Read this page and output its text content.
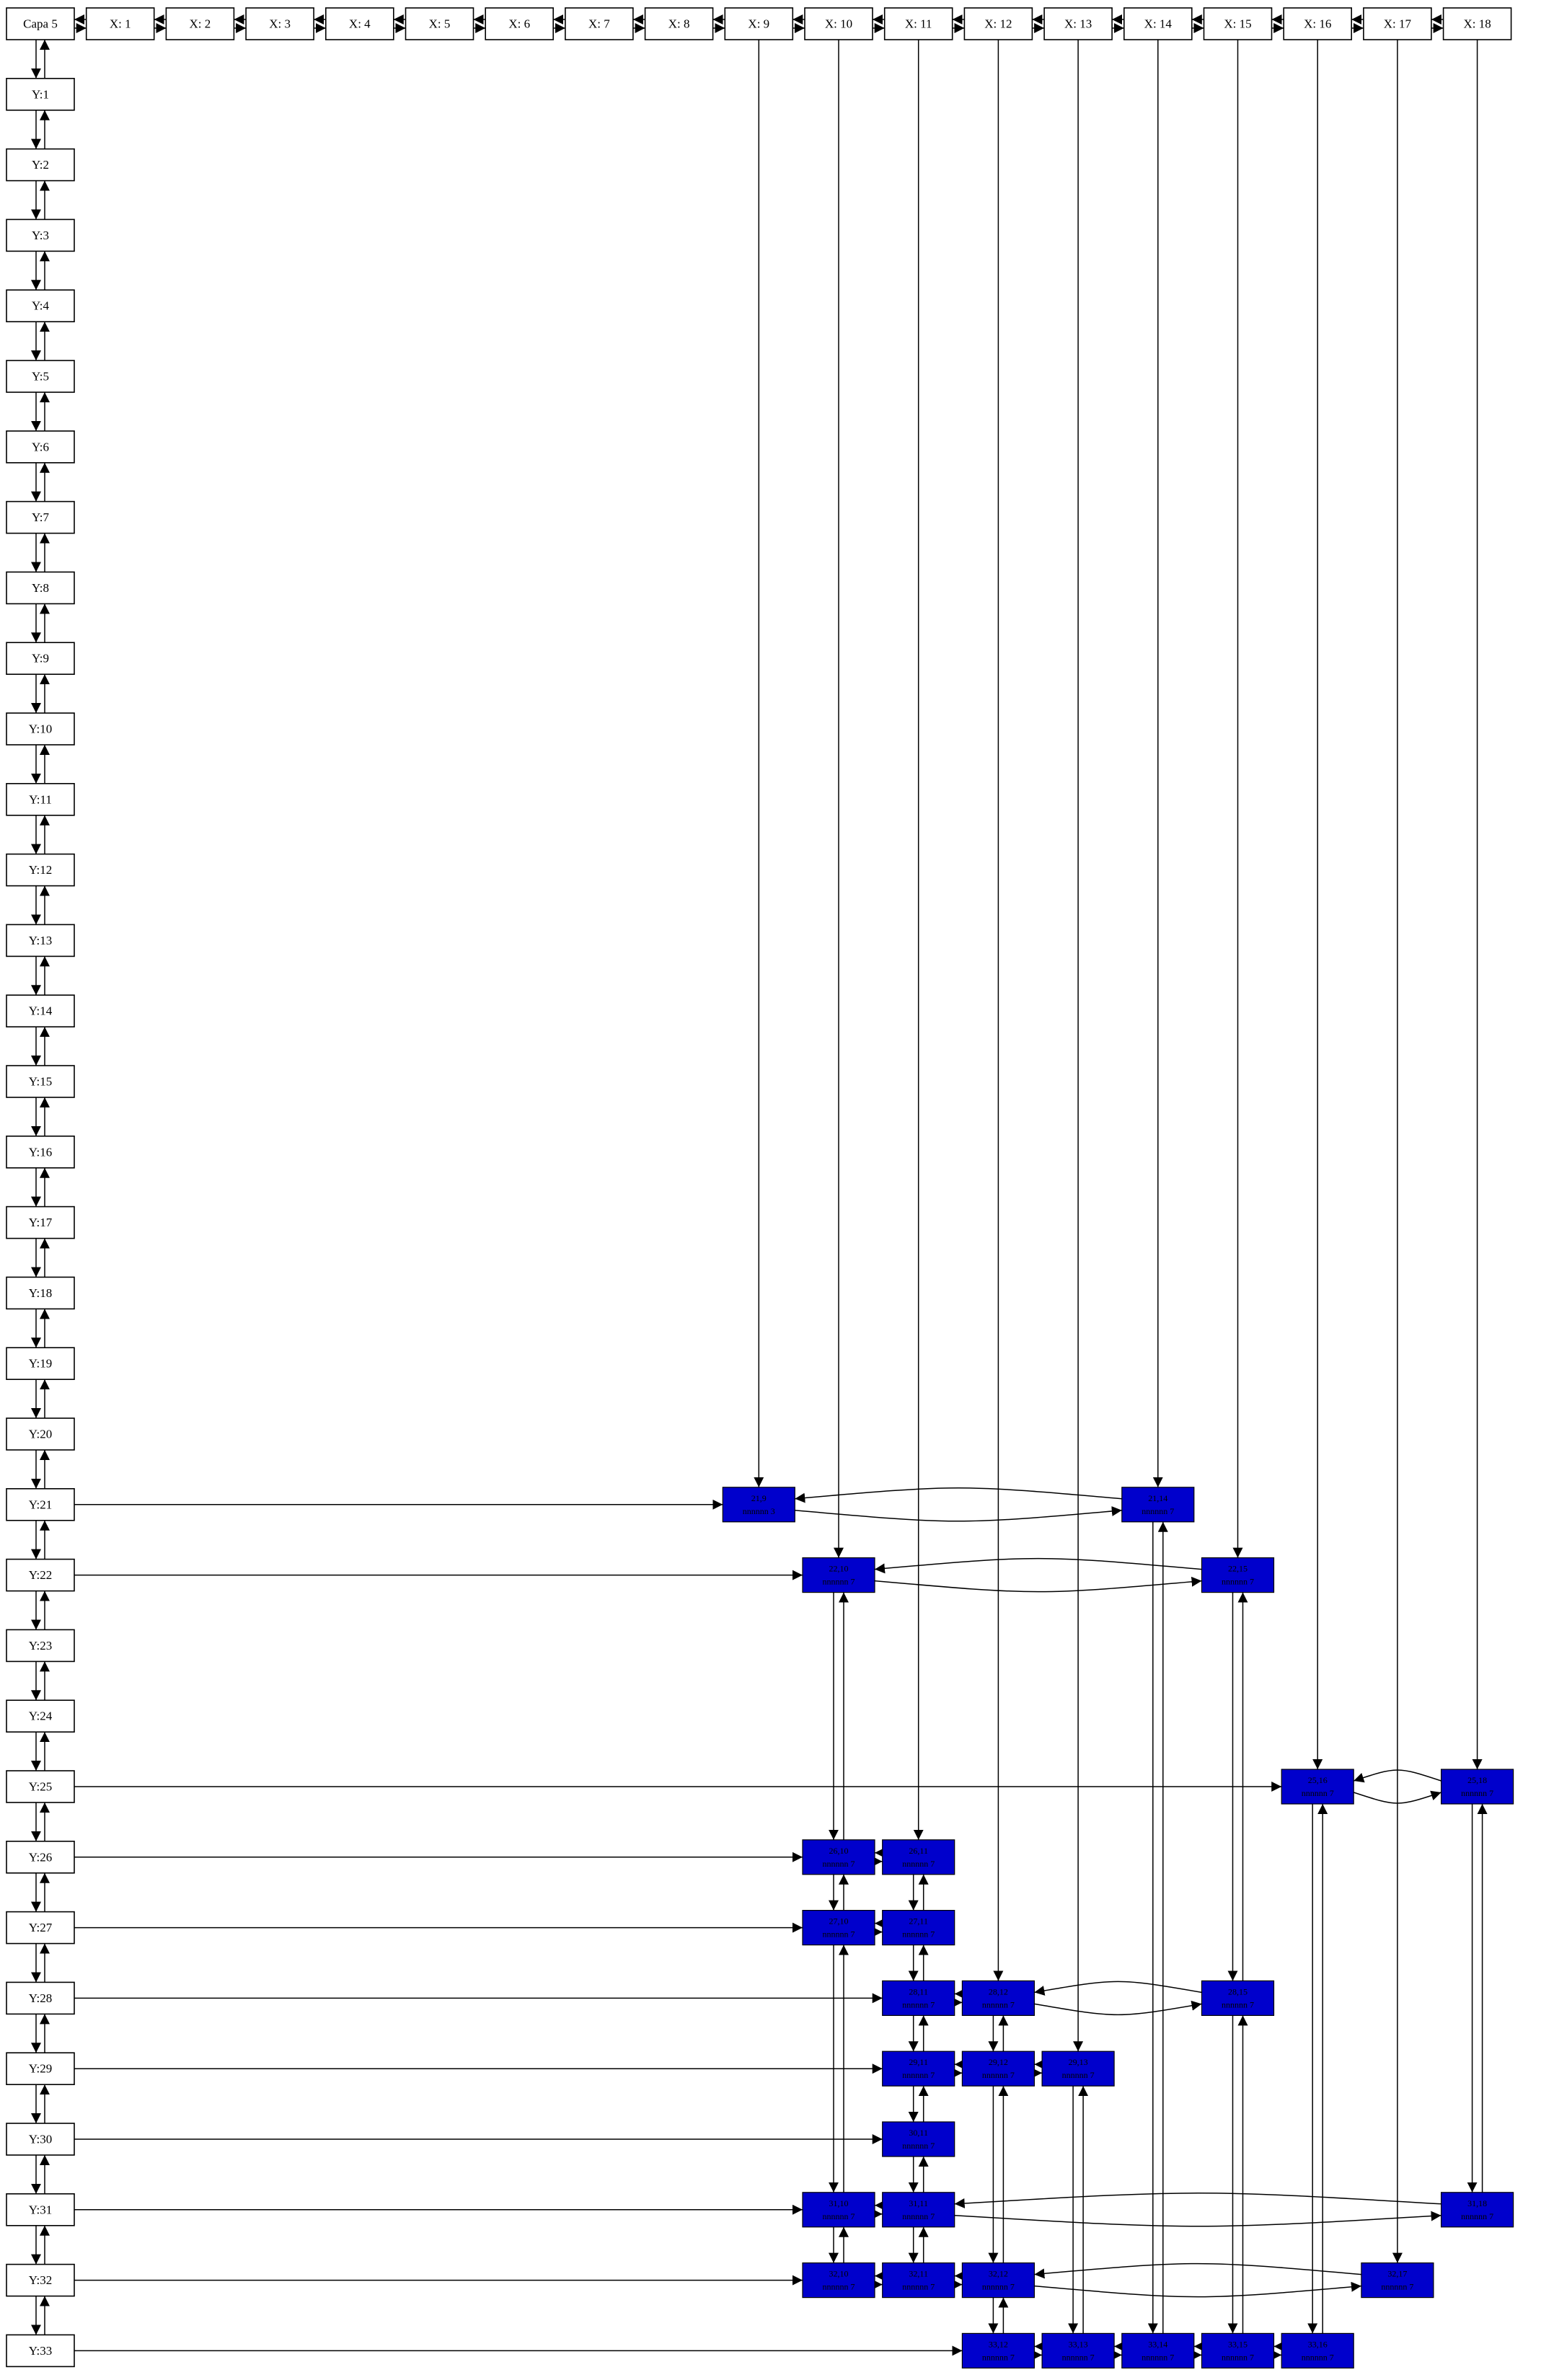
Capa 5	X: 1	X: 2	X: 3	X: 4	X: 5	X: 6	X: 7	X: 8	X: 9	X: 10	X: 11	X: 12	X: 13	X: 14	X: 15	X: 16	X: 17	X: 18
Y:1
Y:2
Y:3
Y:4
Y:5
Y:6
Y:7
Y:8
Y:9
Y:10
Y:11
Y:12
Y:13
Y:14
Y:15
Y:16
Y:17
Y:18
Y:19
Y:20
Y:21
Y:22
Y:23
Y:24
Y:25
Y:26
Y:27
Y:28
Y:29
Y:30
Y:31
Y:32
Y:33
21,9
nnnnnn 3
21,14
nnnnnn 7
22,10
nnnnnn 7
22,15
nnnnnn 7
25,16
nnnnnn 7
25,18
nnnnnn 7
26,10
nnnnnn 7
26,11
nnnnnn 7
27,10
nnnnnn 7
27,11
nnnnnn 7
28,11
nnnnnn 7
28,12
nnnnnn 7
28,15
nnnnnn 7
29,11
nnnnnn 7
29,12
nnnnnn 7
29,13
nnnnnn 7
30,11
nnnnnn 7
31,10
nnnnnn 7
31,11
nnnnnn 7
31,18
nnnnnn 7
32,10
nnnnnn 7
32,11
nnnnnn 7
32,12
nnnnnn 7
32,17
nnnnnn 7
33,12
nnnnnn 7
33,13
nnnnnn 7
33,14
nnnnnn 7
33,15
nnnnnn 7
33,16
nnnnnn 7
